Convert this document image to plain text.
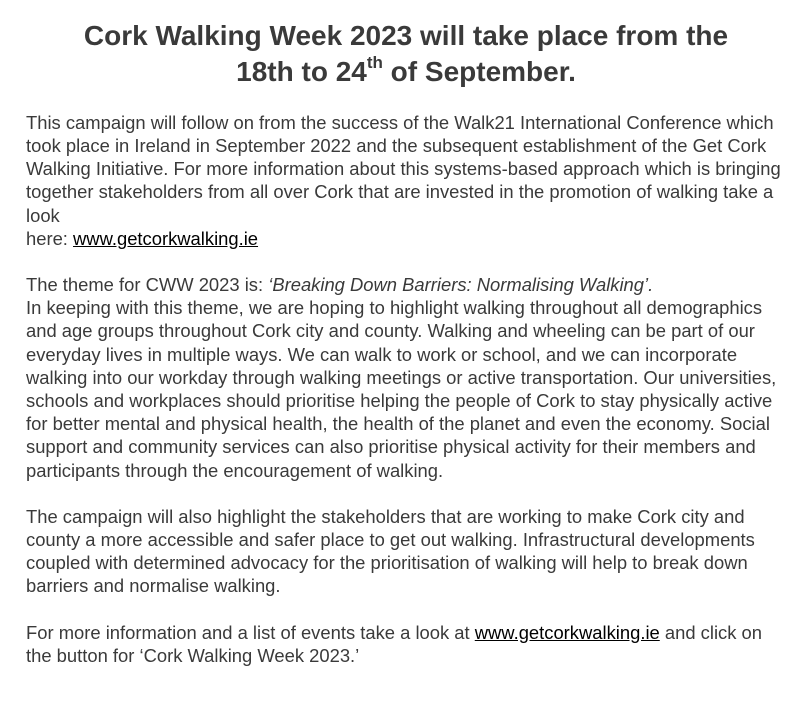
Cork Walking Week 2023 will take place from the
18th to 24th of September.

This campaign will follow on from the success of the Walk21 International Conference which took place in Ireland in September 2022 and the subsequent establishment of the Get Cork Walking Initiative. For more information about this systems-based approach which is bringing together stakeholders from all over Cork that are invested in the promotion of walking take a look
here: www.getcorkwalking.ie

The theme for CWW 2023 is: ‘Breaking Down Barriers: Normalising Walking’.
In keeping with this theme, we are hoping to highlight walking throughout all demographics and age groups throughout Cork city and county. Walking and wheeling can be part of our everyday lives in multiple ways. We can walk to work or school, and we can incorporate walking into our workday through walking meetings or active transportation. Our universities, schools and workplaces should prioritise helping the people of Cork to stay physically active for better mental and physical health, the health of the planet and even the economy. Social support and community services can also prioritise physical activity for their members and participants through the encouragement of walking.

The campaign will also highlight the stakeholders that are working to make Cork city and county a more accessible and safer place to get out walking. Infrastructural developments coupled with determined advocacy for the prioritisation of walking will help to break down barriers and normalise walking.

For more information and a list of events take a look at www.getcorkwalking.ie and click on the button for ‘Cork Walking Week 2023.’
